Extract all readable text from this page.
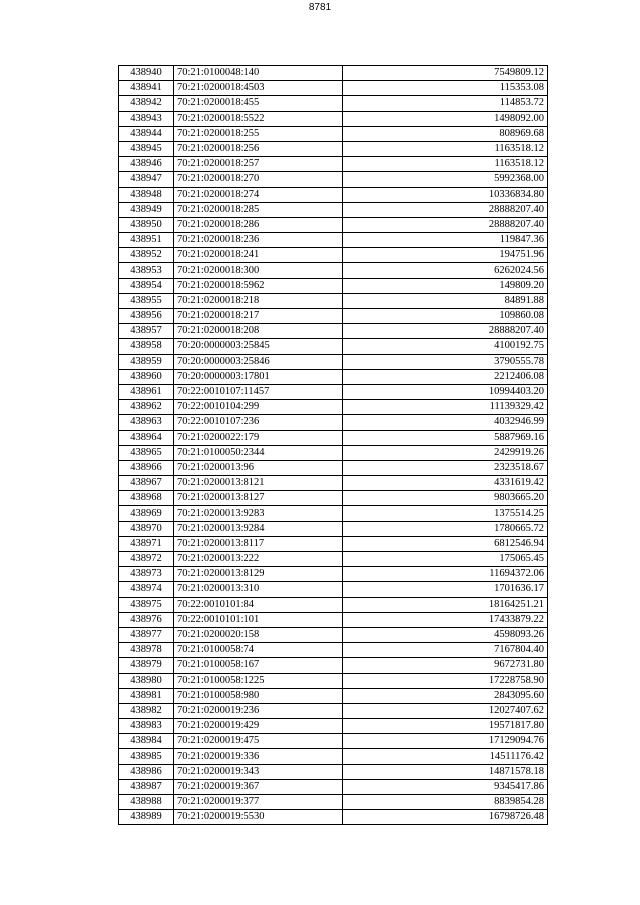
8781
438940	70:21:0100048:140	7549809.12
438941	70:21:0200018:4503	115353.08
438942	70:21:0200018:455	114853.72
438943	70:21:0200018:5522	1498092.00
438944	70:21:0200018:255	808969.68
438945	70:21:0200018:256	1163518.12
438946	70:21:0200018:257	1163518.12
438947	70:21:0200018:270	5992368.00
438948	70:21:0200018:274	10336834.80
438949	70:21:0200018:285	28888207.40
438950	70:21:0200018:286	28888207.40
438951	70:21:0200018:236	119847.36
438952	70:21:0200018:241	194751.96
438953	70:21:0200018:300	6262024.56
438954	70:21:0200018:5962	149809.20
438955	70:21:0200018:218	84891.88
438956	70:21:0200018:217	109860.08
438957	70:21:0200018:208	28888207.40
438958	70:20:0000003:25845	4100192.75
438959	70:20:0000003:25846	3790555.78
438960	70:20:0000003:17801	2212406.08
438961	70:22:0010107:11457	10994403.20
438962	70:22:0010104:299	11139329.42
438963	70:22:0010107:236	4032946.99
438964	70:21:0200022:179	5887969.16
438965	70:21:0100050:2344	2429919.26
438966	70:21:0200013:96	2323518.67
438967	70:21:0200013:8121	4331619.42
438968	70:21:0200013:8127	9803665.20
438969	70:21:0200013:9283	1375514.25
438970	70:21:0200013:9284	1780665.72
438971	70:21:0200013:8117	6812546.94
438972	70:21:0200013:222	175065.45
438973	70:21:0200013:8129	11694372.06
438974	70:21:0200013:310	1701636.17
438975	70:22:0010101:84	18164251.21
438976	70:22:0010101:101	17433879.22
438977	70:21:0200020:158	4598093.26
438978	70:21:0100058:74	7167804.40
438979	70:21:0100058:167	9672731.80
438980	70:21:0100058:1225	17228758.90
438981	70:21:0100058:980	2843095.60
438982	70:21:0200019:236	12027407.62
438983	70:21:0200019:429	19571817.80
438984	70:21:0200019:475	17129094.76
438985	70:21:0200019:336	14511176.42
438986	70:21:0200019:343	14871578.18
438987	70:21:0200019:367	9345417.86
438988	70:21:0200019:377	8839854.28
438989	70:21:0200019:5530	16798726.48
